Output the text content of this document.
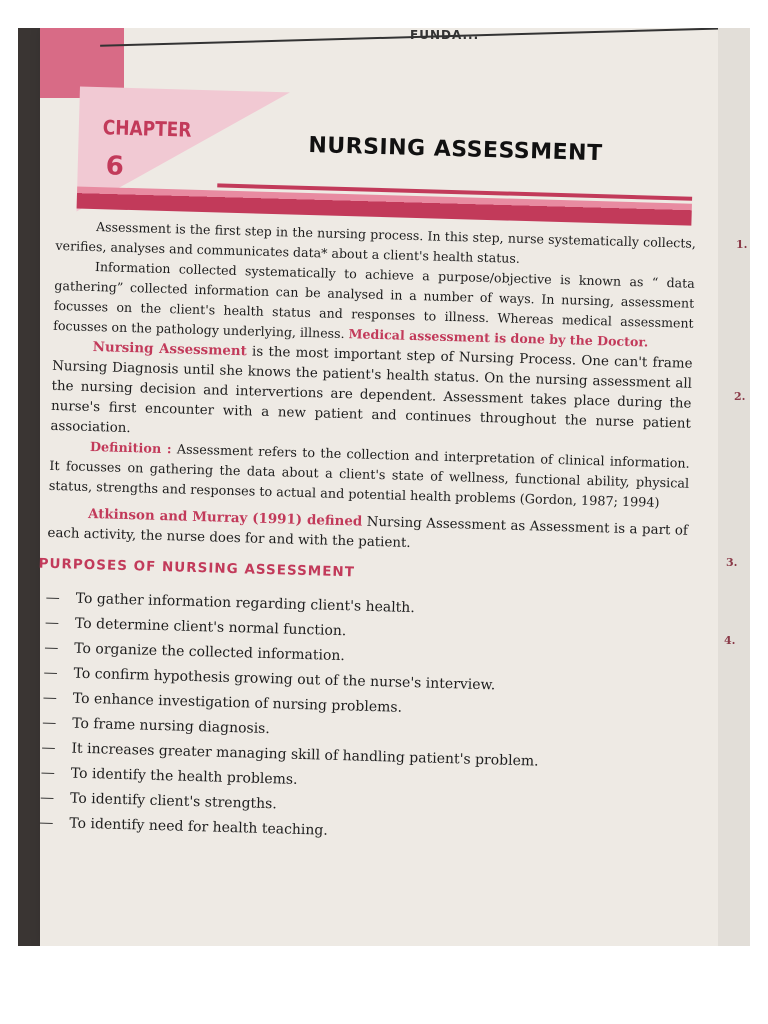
FUNDA...
CHAPTER
6
NURSING ASSESSMENT

Assessment is the first step in the nursing process. In this step, nurse systematically collects, verifies, analyses and communicates data* about a client's health status.

Information collected systematically to achieve a purpose/objective is known as “ data gathering” collected information can be analysed in a number of ways. In nursing, assessment focusses on the client's health status and responses to illness. Whereas medical assessment focusses on the pathology underlying, illness. Medical assessment is done by the Doctor.

Nursing Assessment is the most important step of Nursing Process. One can't frame Nursing Diagnosis until she knows the patient's health status. On the nursing assessment all the nursing decision and intervertions are dependent. Assessment takes place during the nurse's first encounter with a new patient and continues throughout the nurse patient association.

Definition : Assessment refers to the collection and interpretation of clinical information. It focusses on gathering the data about a client's state of wellness, functional ability, physical status, strengths and responses to actual and potential health problems (Gordon, 1987; 1994)

Atkinson and Murray (1991) defined Nursing Assessment as Assessment is a part of each activity, the nurse does for and with the patient.

PURPOSES OF NURSING ASSESSMENT
— To gather information regarding client's health.
— To determine client's normal function.
— To organize the collected information.
— To confirm hypothesis growing out of the nurse's interview.
— To enhance investigation of nursing problems.
— To frame nursing diagnosis.
— It increases greater managing skill of handling patient's problem.
— To identify the health problems.
— To identify client's strengths.
— To identify need for health teaching.
1.
2.
3.
4.
